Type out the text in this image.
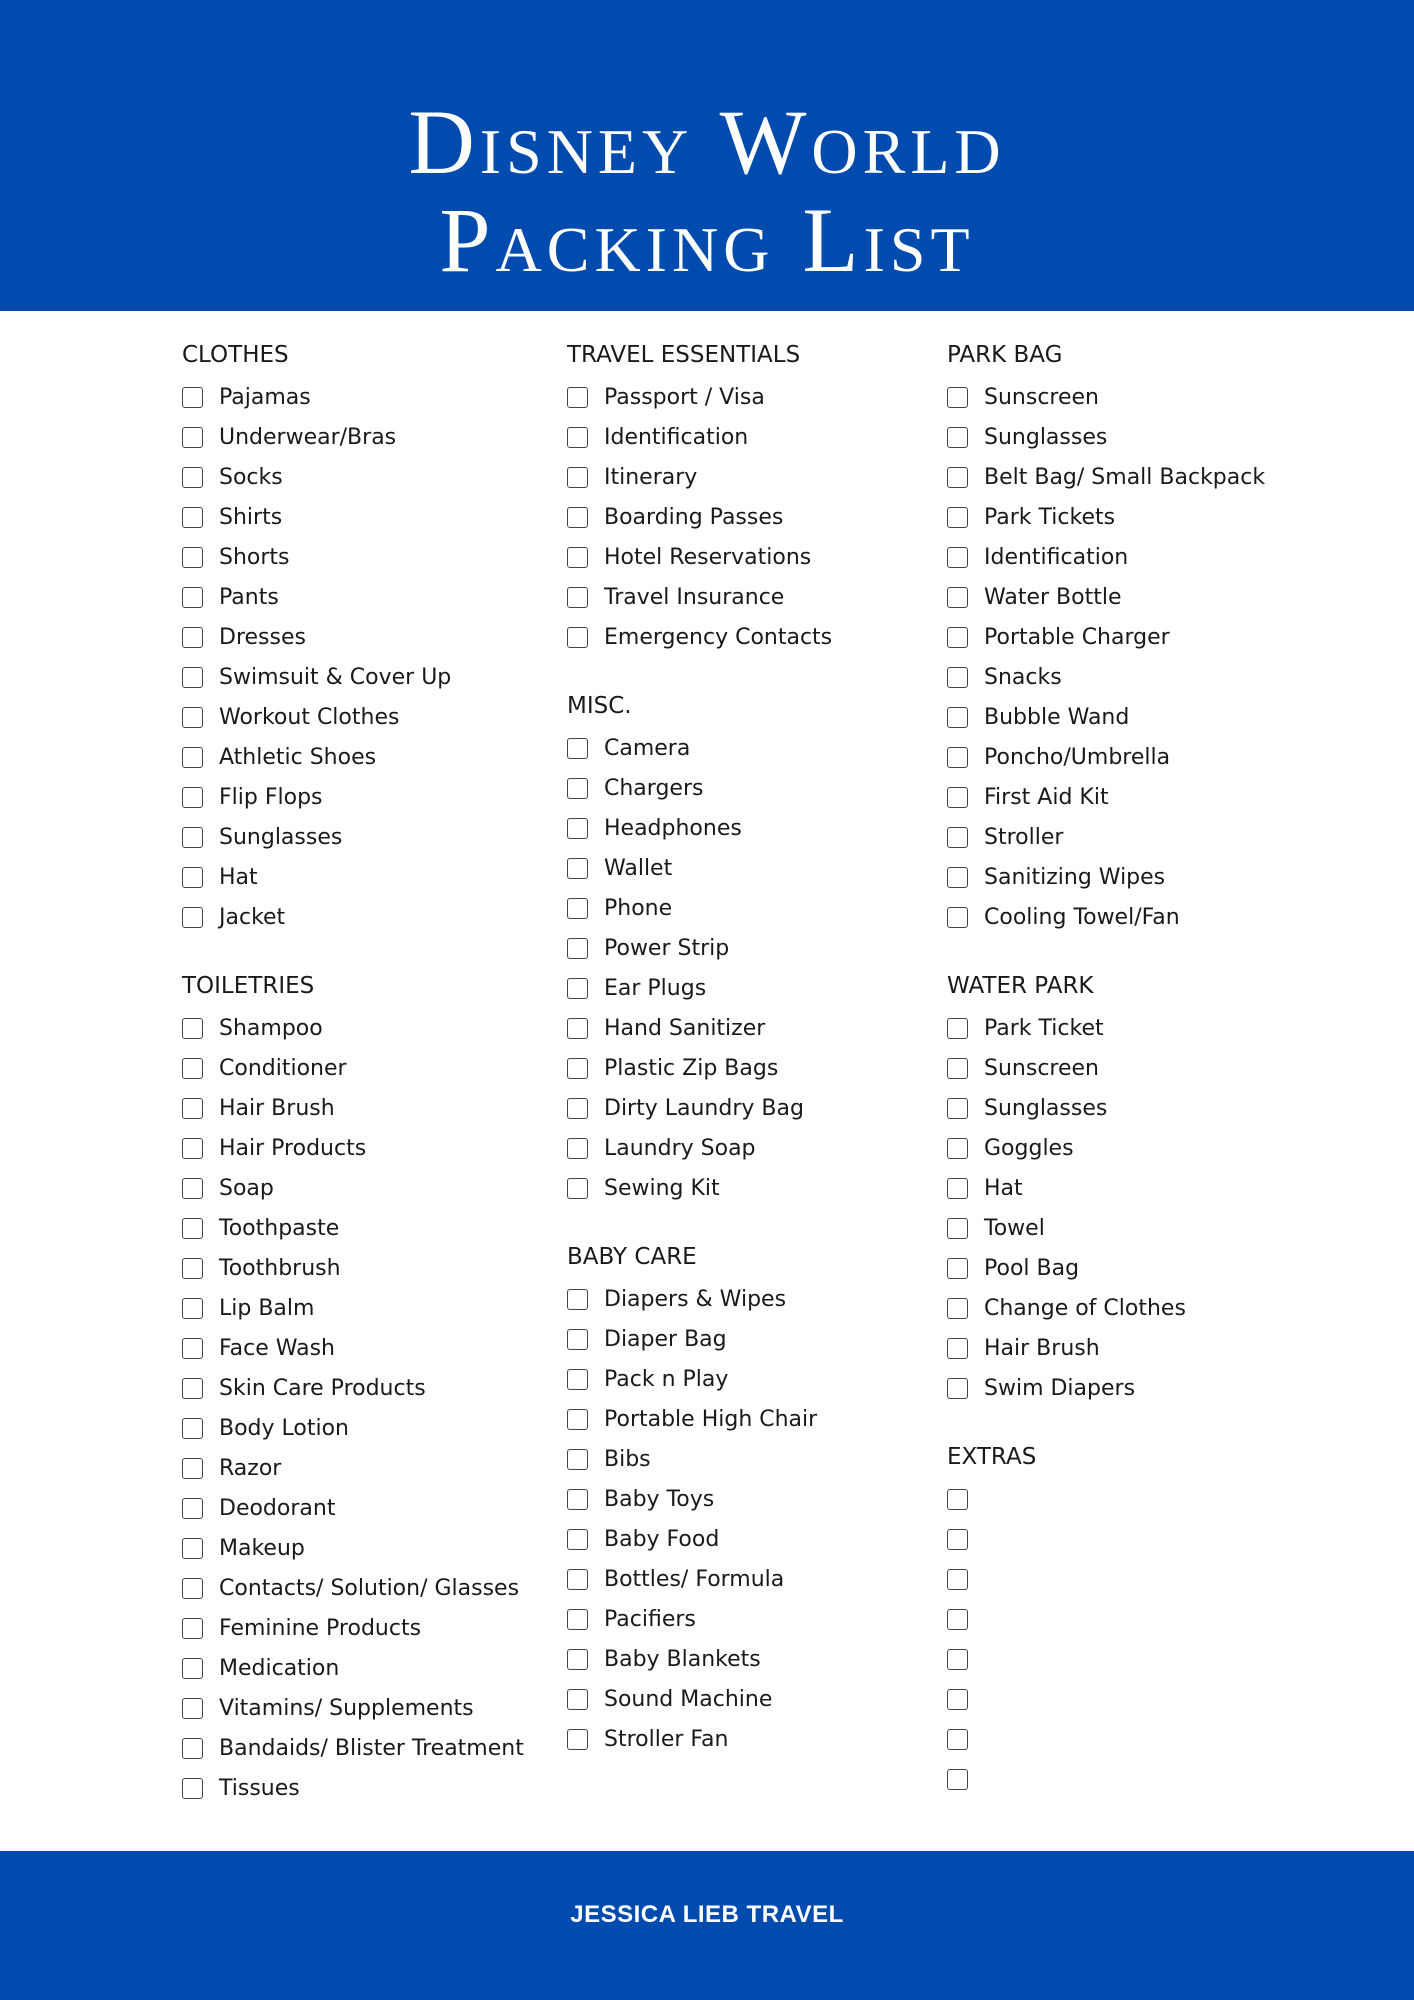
Disney World
Packing List
CLOTHES
Pajamas
Underwear/Bras
Socks
Shirts
Shorts
Pants
Dresses
Swimsuit & Cover Up
Workout Clothes
Athletic Shoes
Flip Flops
Sunglasses
Hat
Jacket
TOILETRIES
Shampoo
Conditioner
Hair Brush
Hair Products
Soap
Toothpaste
Toothbrush
Lip Balm
Face Wash
Skin Care Products
Body Lotion
Razor
Deodorant
Makeup
Contacts/ Solution/ Glasses
Feminine Products
Medication
Vitamins/ Supplements
Bandaids/ Blister Treatment
Tissues
TRAVEL ESSENTIALS
Passport / Visa
Identification
Itinerary
Boarding Passes
Hotel Reservations
Travel Insurance
Emergency Contacts
MISC.
Camera
Chargers
Headphones
Wallet
Phone
Power Strip
Ear Plugs
Hand Sanitizer
Plastic Zip Bags
Dirty Laundry Bag
Laundry Soap
Sewing Kit
BABY CARE
Diapers & Wipes
Diaper Bag
Pack n Play
Portable High Chair
Bibs
Baby Toys
Baby Food
Bottles/ Formula
Pacifiers
Baby Blankets
Sound Machine
Stroller Fan
PARK BAG
Sunscreen
Sunglasses
Belt Bag/ Small Backpack
Park Tickets
Identification
Water Bottle
Portable Charger
Snacks
Bubble Wand
Poncho/Umbrella
First Aid Kit
Stroller
Sanitizing Wipes
Cooling Towel/Fan
WATER PARK
Park Ticket
Sunscreen
Sunglasses
Goggles
Hat
Towel
Pool Bag
Change of Clothes
Hair Brush
Swim Diapers
EXTRAS
JESSICA LIEB TRAVEL
